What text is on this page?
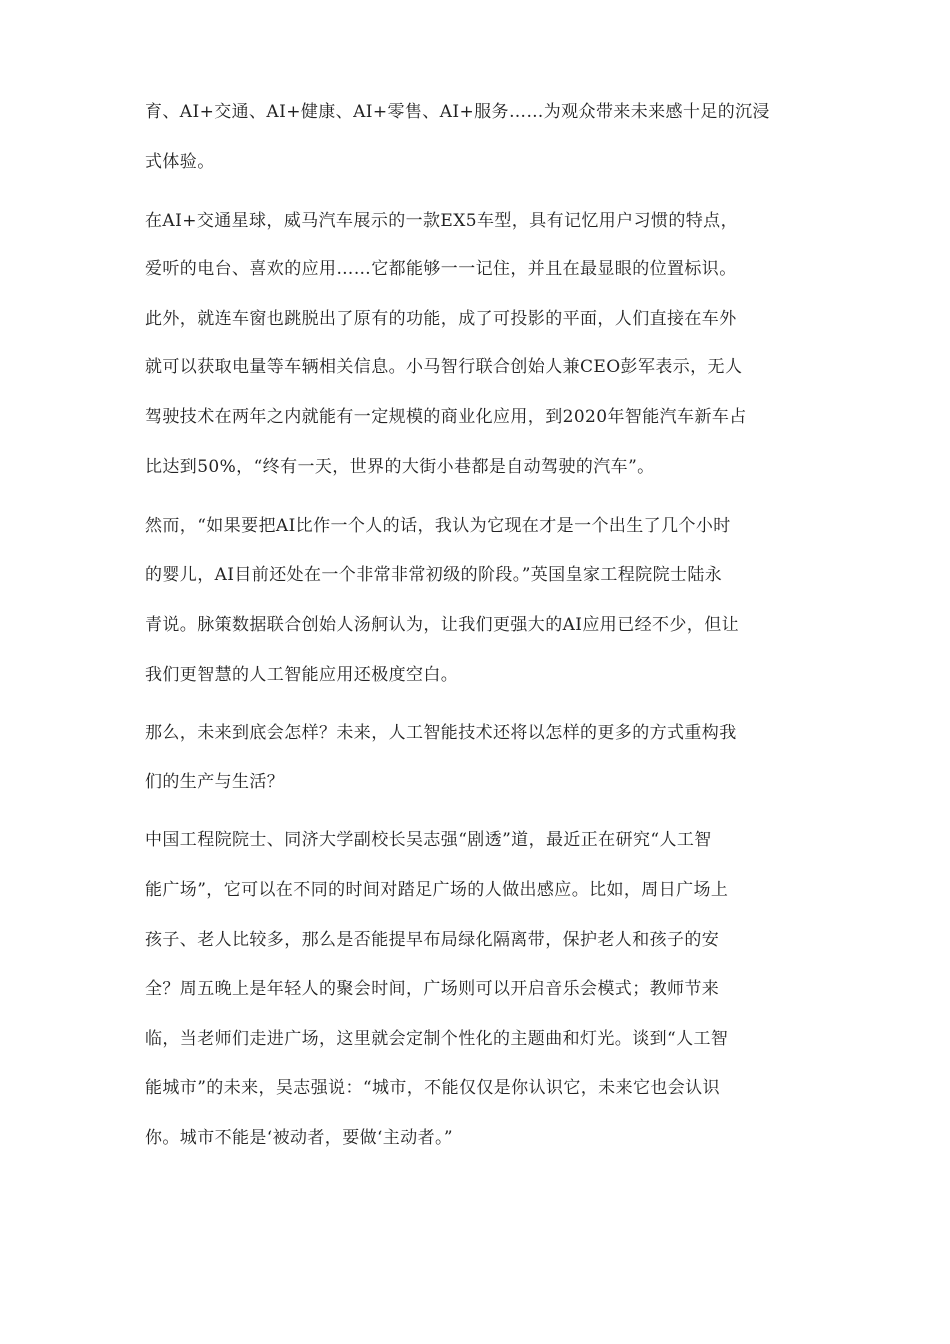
育、AI+交通、AI+健康、AI+零售、AI+服务……为观众带来未来感十足的沉浸
式体验。
在AI+交通星球，威马汽车展示的一款EX5车型，具有记忆用户习惯的特点，
爱听的电台、喜欢的应用……它都能够一一记住，并且在最显眼的位置标识。
此外，就连车窗也跳脱出了原有的功能，成了可投影的平面，人们直接在车外
就可以获取电量等车辆相关信息。小马智行联合创始人兼CEO彭军表示，无人
驾驶技术在两年之内就能有一定规模的商业化应用，到2020年智能汽车新车占
比达到50%，“终有一天，世界的大街小巷都是自动驾驶的汽车”。
然而，“如果要把AI比作一个人的话，我认为它现在才是一个出生了几个小时
的婴儿，AI目前还处在一个非常非常初级的阶段。”英国皇家工程院院士陆永
青说。脉策数据联合创始人汤舸认为，让我们更强大的AI应用已经不少，但让
我们更智慧的人工智能应用还极度空白。
那么，未来到底会怎样？未来，人工智能技术还将以怎样的更多的方式重构我
们的生产与生活？
中国工程院院士、同济大学副校长吴志强“剧透”道，最近正在研究“人工智
能广场”，它可以在不同的时间对踏足广场的人做出感应。比如，周日广场上
孩子、老人比较多，那么是否能提早布局绿化隔离带，保护老人和孩子的安
全？周五晚上是年轻人的聚会时间，广场则可以开启音乐会模式；教师节来
临，当老师们走进广场，这里就会定制个性化的主题曲和灯光。谈到“人工智
能城市”的未来，吴志强说：“城市，不能仅仅是你认识它，未来它也会认识
你。城市不能是‘被动者，要做‘主动者。”
